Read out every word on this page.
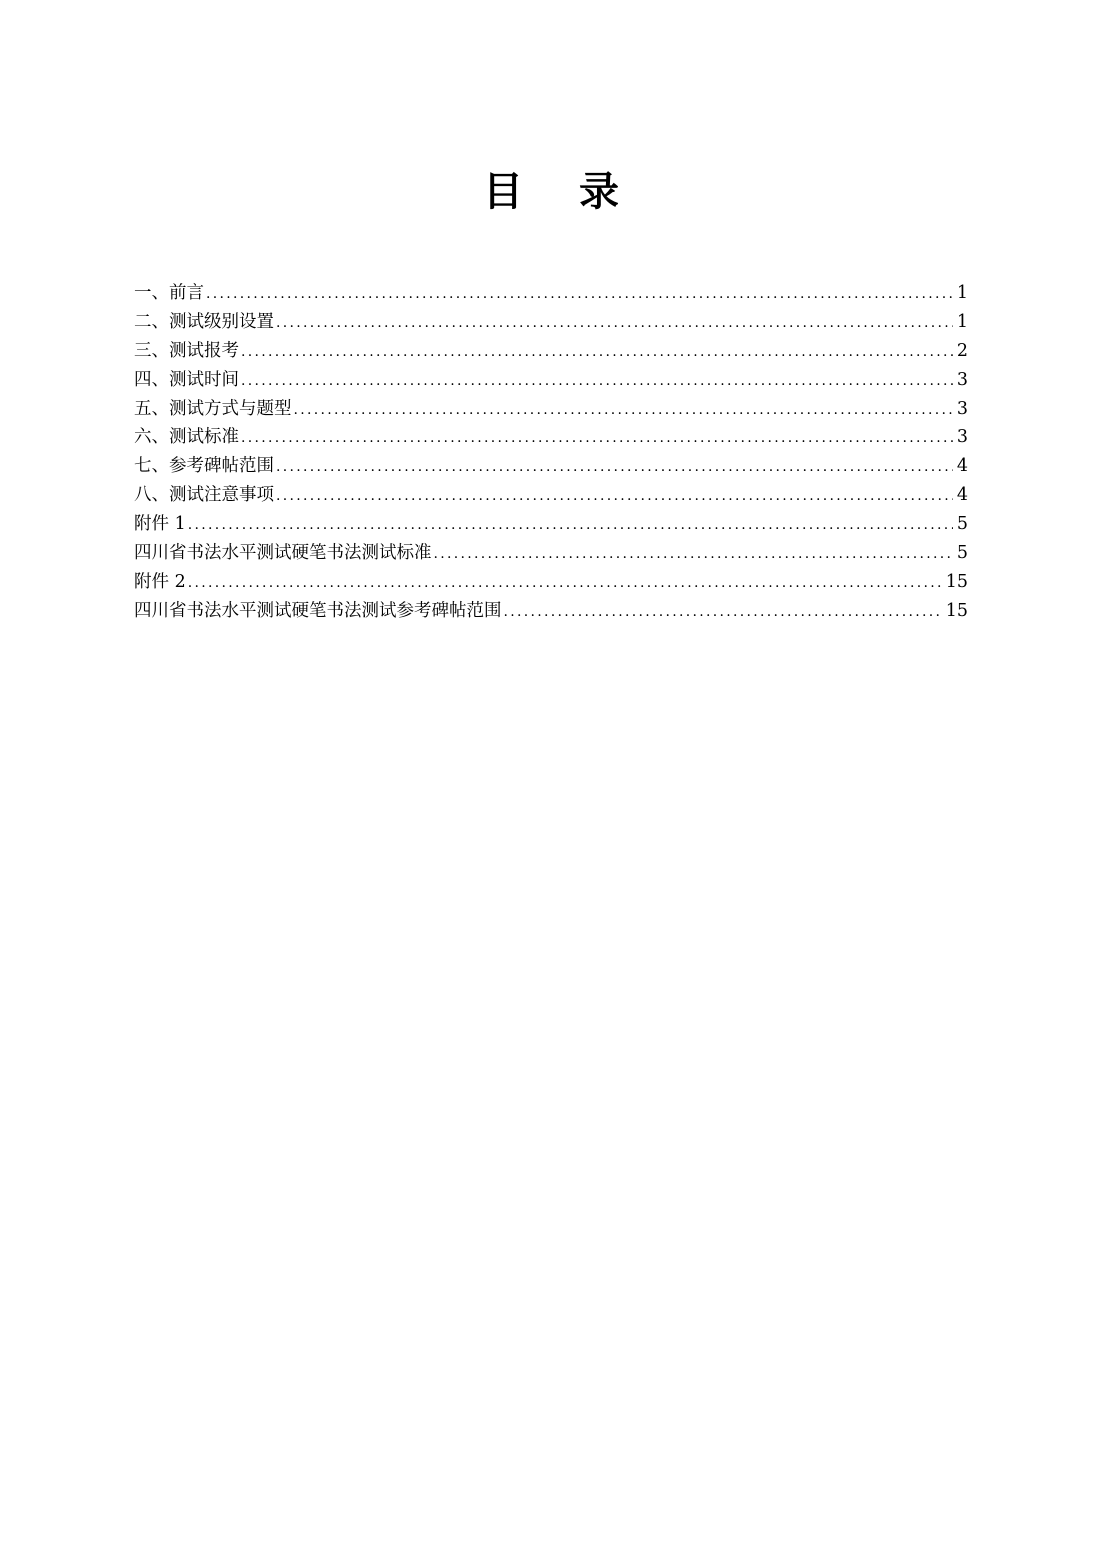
目 录
一、前言 .....	1
二、测试级别设置 .....	1
三、测试报考 .....	2
四、测试时间 .....	3
五、测试方式与题型 .....	3
六、测试标准 .....	3
七、参考碑帖范围 .....	4
八、测试注意事项 .....	4
附件 1 .....	5
四川省书法水平测试硬笔书法测试标准 .....	5
附件 2 .....	15
四川省书法水平测试硬笔书法测试参考碑帖范围 .....	15
